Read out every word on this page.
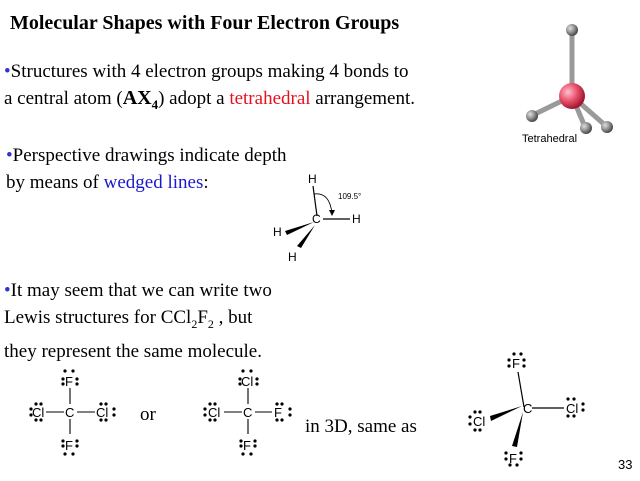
Molecular Shapes with Four Electron Groups
•Structures with 4 electron groups making 4 bonds to
a central atom $(AX_4)$ adopt a tetrahedral arrangement.
Tetrahedral
•Perspective drawings indicate depth
by means of wedged lines:	H
C	H
H
H
109.5°
•It may seem that we can write two
Lewis structures for $CCl_2F_2$ , but
they represent the same molecule.
F
Cl C Cl
F
or
Cl
Cl C F
F
in 3D, same as
F
C	Cl
Cl
F	33
